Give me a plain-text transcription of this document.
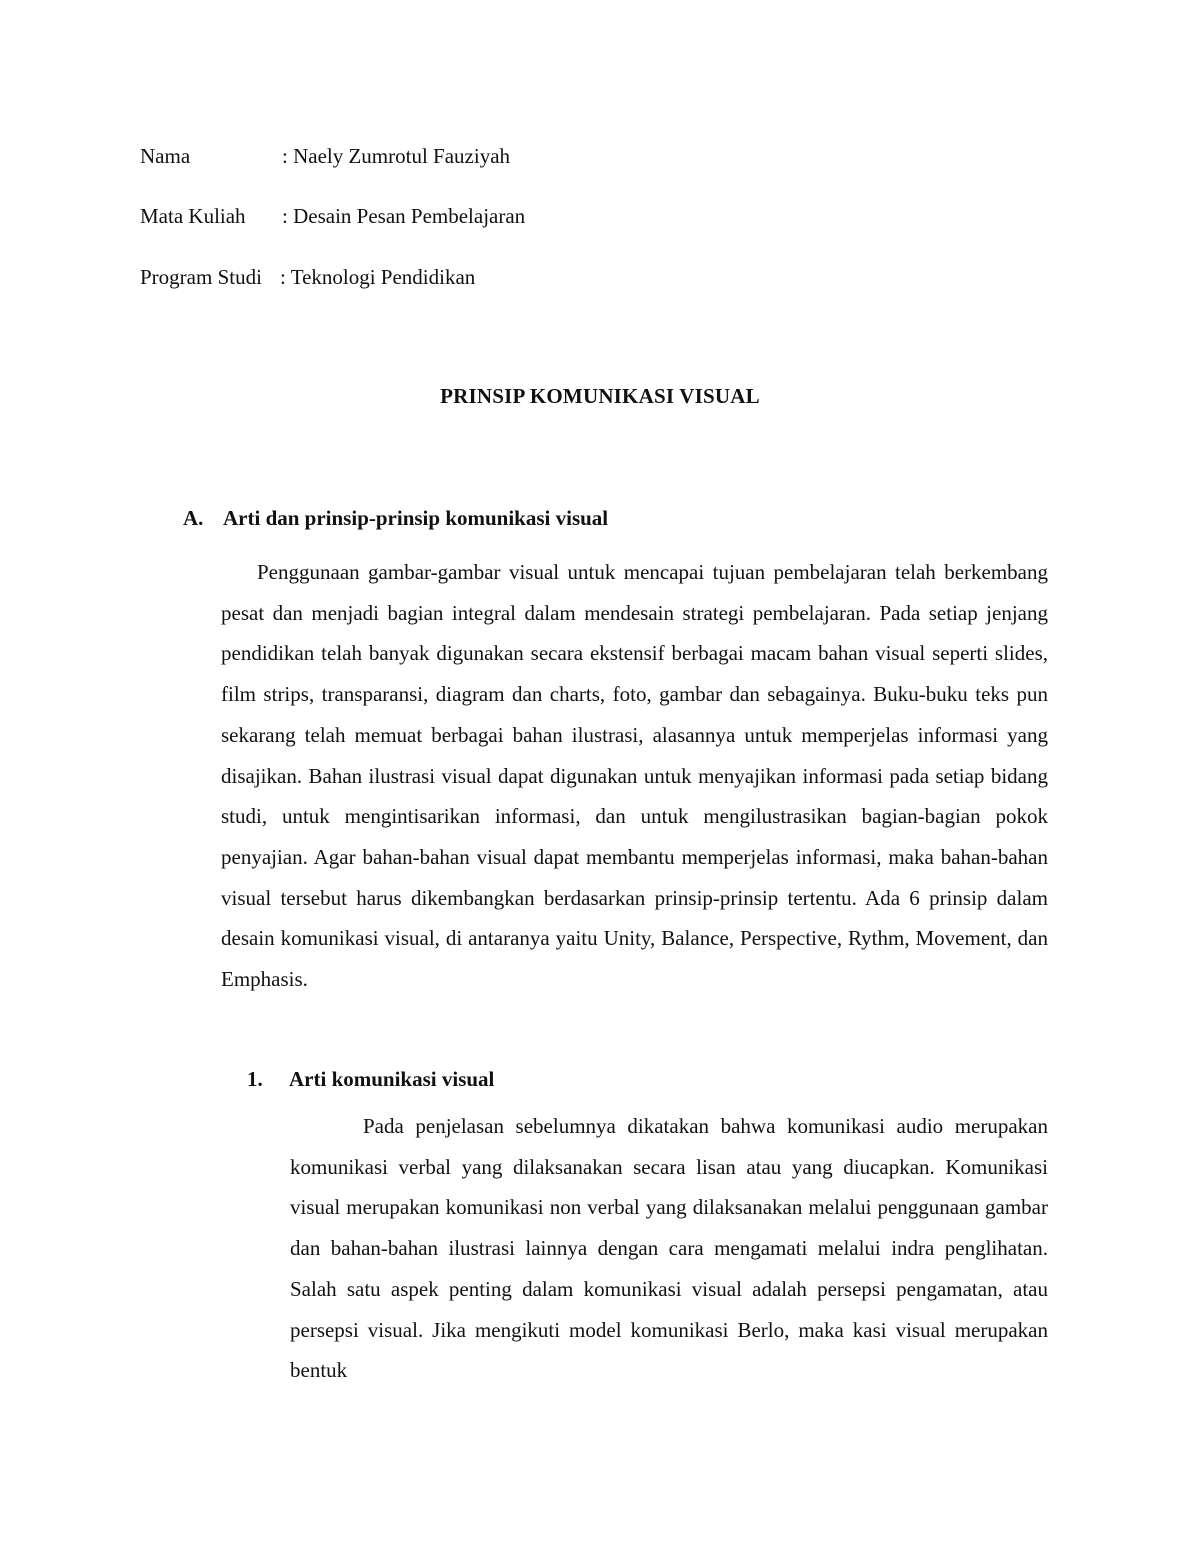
Nama	: Naely Zumrotul Fauziyah
Mata Kuliah : Desain Pesan Pembelajaran
Program Studi : Teknologi Pendidikan
PRINSIP KOMUNIKASI VISUAL
A. Arti dan prinsip-prinsip komunikasi visual

Penggunaan gambar-gambar visual untuk mencapai tujuan pembelajaran telah berkembang pesat dan menjadi bagian integral dalam mendesain strategi pembelajaran. Pada setiap jenjang pendidikan telah banyak digunakan secara ekstensif berbagai macam bahan visual seperti slides, film strips, transparansi, diagram dan charts, foto, gambar dan sebagainya. Buku-buku teks pun sekarang telah memuat berbagai bahan ilustrasi, alasannya untuk memperjelas informasi yang disajikan. Bahan ilustrasi visual dapat digunakan untuk menyajikan informasi pada setiap bidang studi, untuk mengintisarikan informasi, dan untuk mengilustrasikan bagian-bagian pokok penyajian. Agar bahan-bahan visual dapat membantu memperjelas informasi, maka bahan-bahan visual tersebut harus dikembangkan berdasarkan prinsip-prinsip tertentu. Ada 6 prinsip dalam desain komunikasi visual, di antaranya yaitu Unity, Balance, Perspective, Rythm, Movement, dan Emphasis.

1. Arti komunikasi visual

Pada penjelasan sebelumnya dikatakan bahwa komunikasi audio merupakan komunikasi verbal yang dilaksanakan secara lisan atau yang diucapkan. Komunikasi visual merupakan komunikasi non verbal yang dilaksanakan melalui penggunaan gambar dan bahan-bahan ilustrasi lainnya dengan cara mengamati melalui indra penglihatan. Salah satu aspek penting dalam komunikasi visual adalah persepsi pengamatan, atau persepsi visual. Jika mengikuti model komunikasi Berlo, maka kasi visual merupakan bentuk
